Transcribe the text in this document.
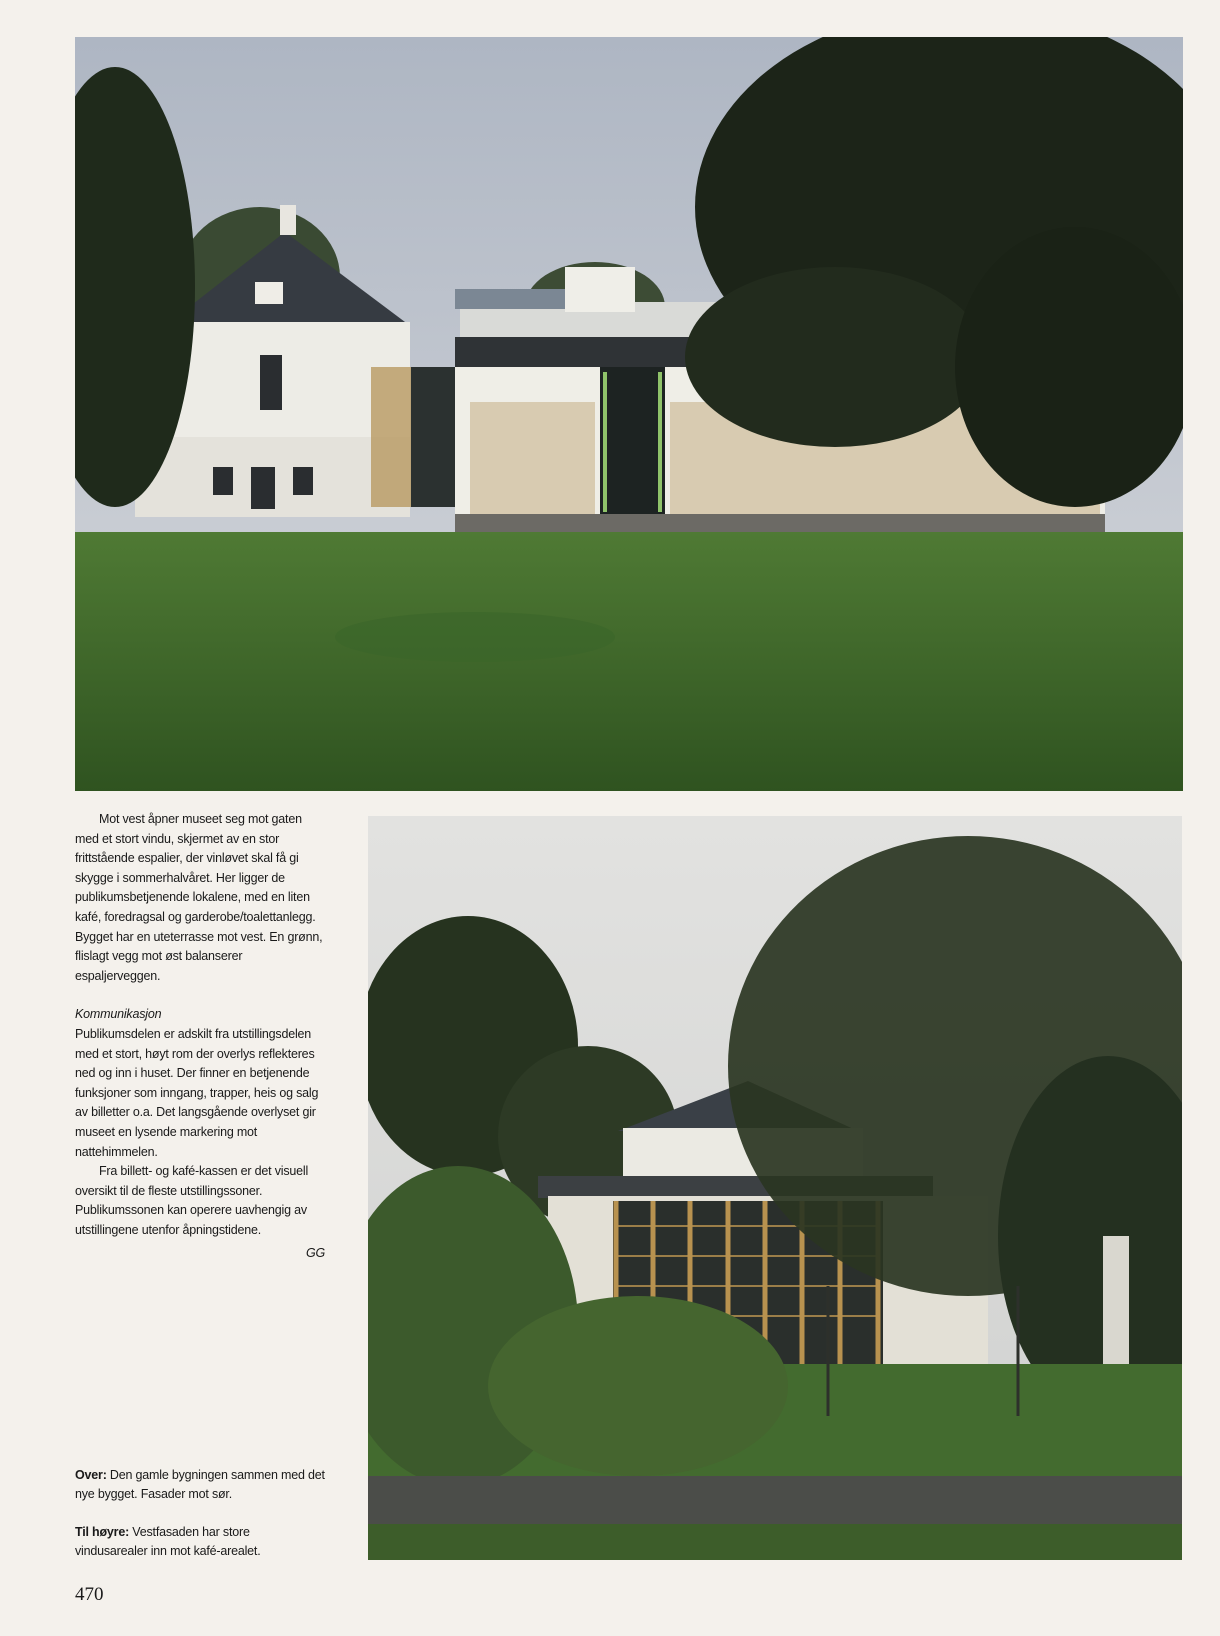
Mot vest åpner museet seg mot gaten med et stort vindu, skjermet av en stor frittstående espalier, der vinløvet skal få gi skygge i sommerhalvåret. Her ligger de publikumsbetjenende lokalene, med en liten kafé, foredragsal og garderobe/toalettanlegg. Bygget har en uteterrasse mot vest. En grønn, flislagt vegg mot øst balanserer espaljerveggen.

Kommunikasjon

Publikumsdelen er adskilt fra utstillingsdelen med et stort, høyt rom der overlys reflekteres ned og inn i huset. Der finner en betjenende funksjoner som inngang, trapper, heis og salg av billetter o.a. Det langsgående overlyset gir museet en lysende markering mot nattehimmelen.

Fra billett- og kafé-kassen er det visuell oversikt til de fleste utstillingssoner. Publikumssonen kan operere uavhengig av utstillingene utenfor åpningstidene.

GG

Over: Den gamle bygningen sammen med det nye bygget. Fasader mot sør.

Til høyre: Vestfasaden har store vindusarealer inn mot kafé-arealet.

470
